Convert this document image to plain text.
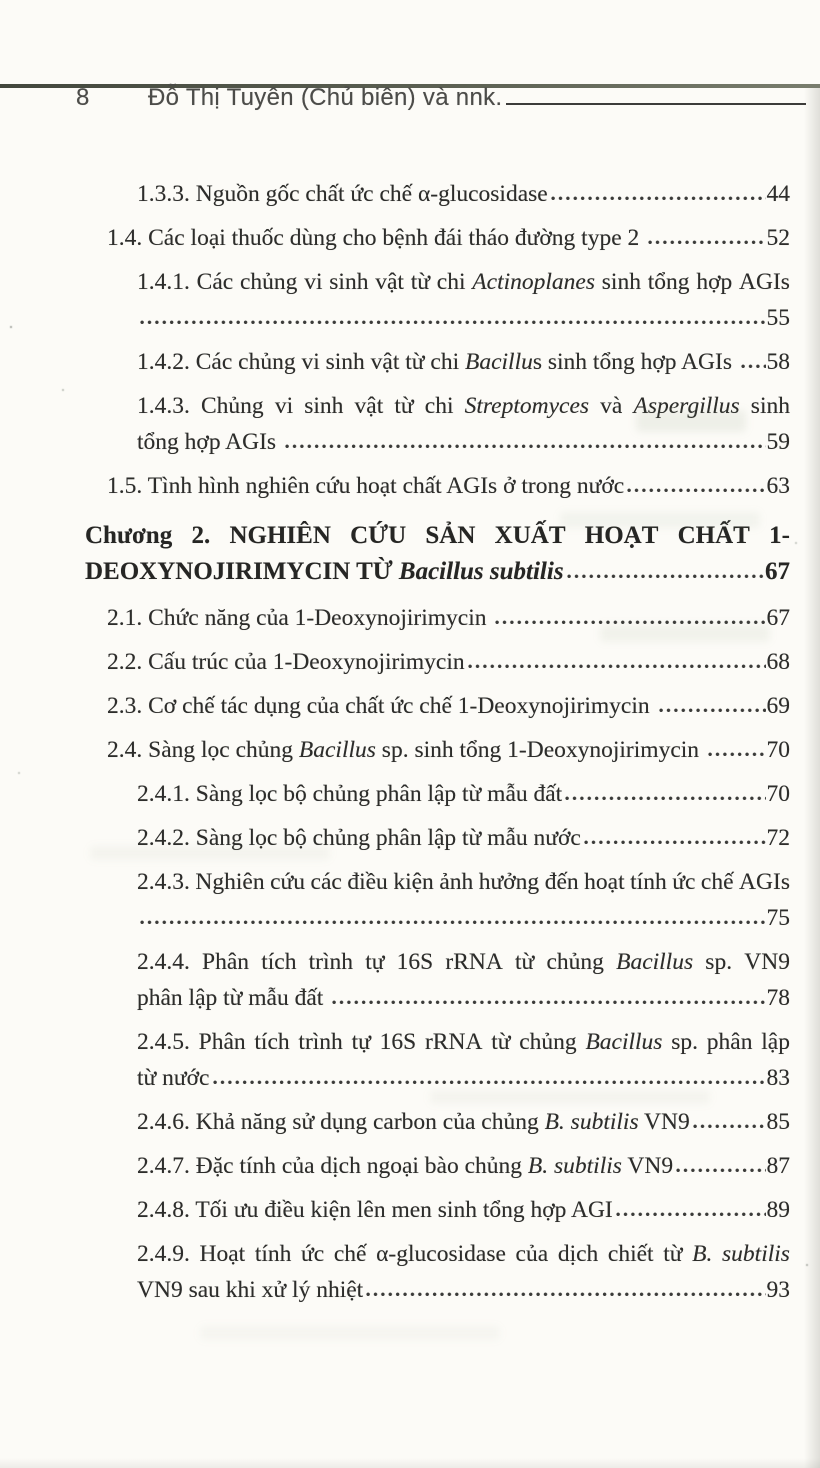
8	Đỗ Thị Tuyên (Chủ biên) và nnk.
1.3.3. Nguồn gốc chất ức chế α-glucosidase	44
1.4. Các loại thuốc dùng cho bệnh đái tháo đường type 2	52
1.4.1. Các chủng vi sinh vật từ chi Actinoplanes sinh tổng hợp AGIs
55
1.4.2. Các chủng vi sinh vật từ chi Bacillus sinh tổng hợp AGIs 58
1.4.3. Chủng vi sinh vật từ chi Streptomyces và Aspergillus sinh
tổng hợp AGIs	59
1.5. Tình hình nghiên cứu hoạt chất AGIs ở trong nước	63
Chương 2. NGHIÊN CỨU SẢN XUẤT HOẠT CHẤT 1-
DEOXYNOJIRIMYCIN TỪ Bacillus subtilis	67
2.1. Chức năng của 1-Deoxynojirimycin	67
2.2. Cấu trúc của 1-Deoxynojirimycin	68
2.3. Cơ chế tác dụng của chất ức chế 1-Deoxynojirimycin	69
2.4. Sàng lọc chủng Bacillus sp. sinh tổng 1-Deoxynojirimycin	70
2.4.1. Sàng lọc bộ chủng phân lập từ mẫu đất	70
2.4.2. Sàng lọc bộ chủng phân lập từ mẫu nước	72
2.4.3. Nghiên cứu các điều kiện ảnh hưởng đến hoạt tính ức chế AGIs
75
2.4.4. Phân tích trình tự 16S rRNA từ chủng Bacillus sp. VN9
phân lập từ mẫu đất	78
2.4.5. Phân tích trình tự 16S rRNA từ chủng Bacillus sp. phân lập
từ nước	83
2.4.6. Khả năng sử dụng carbon của chủng B. subtilis VN9	85
2.4.7. Đặc tính của dịch ngoại bào chủng B. subtilis VN9	87
2.4.8. Tối ưu điều kiện lên men sinh tổng hợp AGI	89
2.4.9. Hoạt tính ức chế α-glucosidase của dịch chiết từ B. subtilis
VN9 sau khi xử lý nhiệt	93
